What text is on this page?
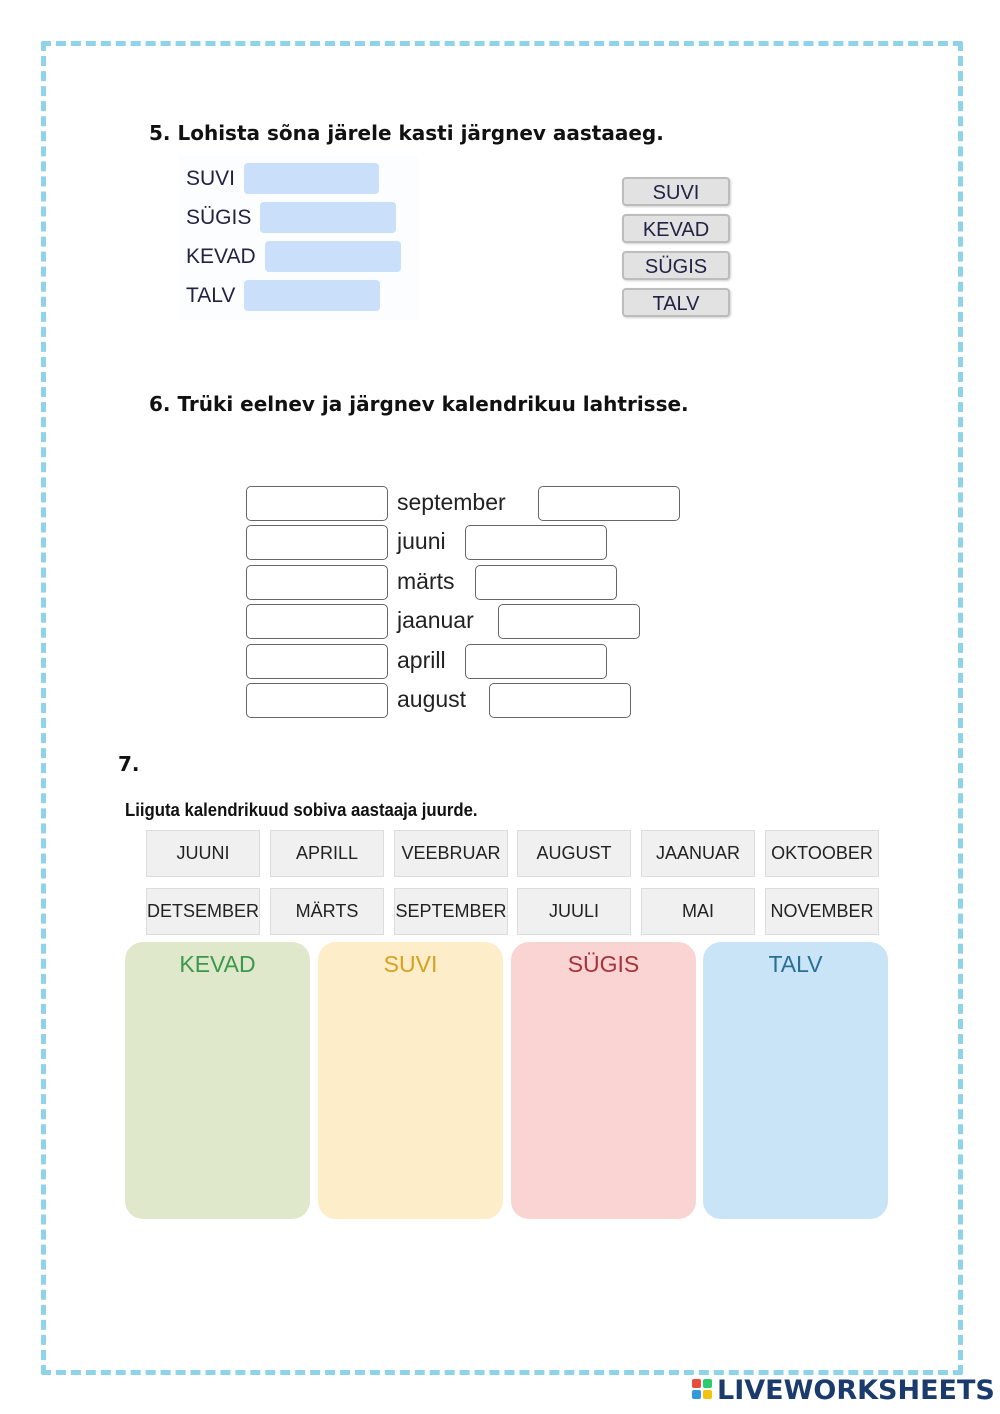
5. Lohista sõna järele kasti järgnev aastaaeg.
SUVI
SÜGIS
KEVAD
TALV
SUVI
KEVAD
SÜGIS
TALV
6. Trüki eelnev ja järgnev kalendrikuu lahtrisse.
september
juuni
märts
jaanuar
aprill
august
7.
Liiguta kalendrikuud sobiva aastaaja juurde.
JUUNI	APRILL	VEEBRUAR	AUGUST	JAANUAR	OKTOOBER
DETSEMBER	MÄRTS	SEPTEMBER	JUULI	MAI	NOVEMBER
KEVAD	SUVI	SÜGIS	TALV
LIVEWORKSHEETS
